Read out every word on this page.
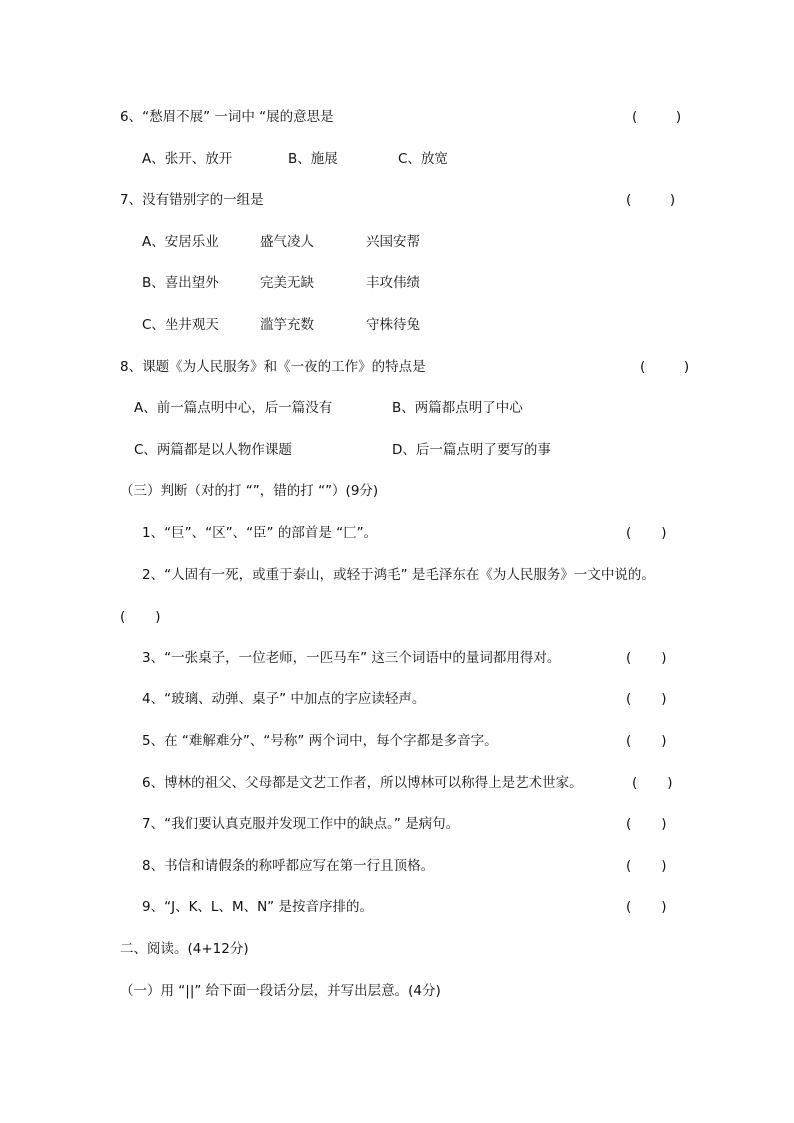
6、“愁眉不展” 一词中 “展的意思是	(         )
A、张开、放开	B、施展	C、放宽
7、没有错别字的一组是	(         )
A、安居乐业	盛气凌人	兴国安帮
B、喜出望外	完美无缺	丰攻伟绩
C、坐井观天	滥竽充数	守株待兔
8、课题《为人民服务》和《一夜的工作》的特点是	(         )
A、前一篇点明中心，后一篇没有	B、两篇都点明了中心
C、两篇都是以人物作课题	D、后一篇点明了要写的事
（三）判断（对的打 “”，错的打 “”）(9分)
1、“巨”、“区”、“臣” 的部首是 “匚”。	(       )
2、“人固有一死，或重于泰山，或轻于鸿毛” 是毛泽东在《为人民服务》一文中说的。
(       )
3、“一张桌子，一位老师，一匹马车” 这三个词语中的量词都用得对。	(       )
4、“玻璃、动弹、桌子” 中加点的字应读轻声。	(       )
5、在 “难解难分”、“号称” 两个词中，每个字都是多音字。	(       )
6、博林的祖父、父母都是文艺工作者，所以博林可以称得上是艺术世家。	(       )
7、“我们要认真克服并发现工作中的缺点。” 是病句。	(       )
8、书信和请假条的称呼都应写在第一行且顶格。	(       )
9、“J、K、L、M、N” 是按音序排的。	(       )
二、阅读。(4+12分)
（一）用 “||” 给下面一段话分层，并写出层意。(4分)
